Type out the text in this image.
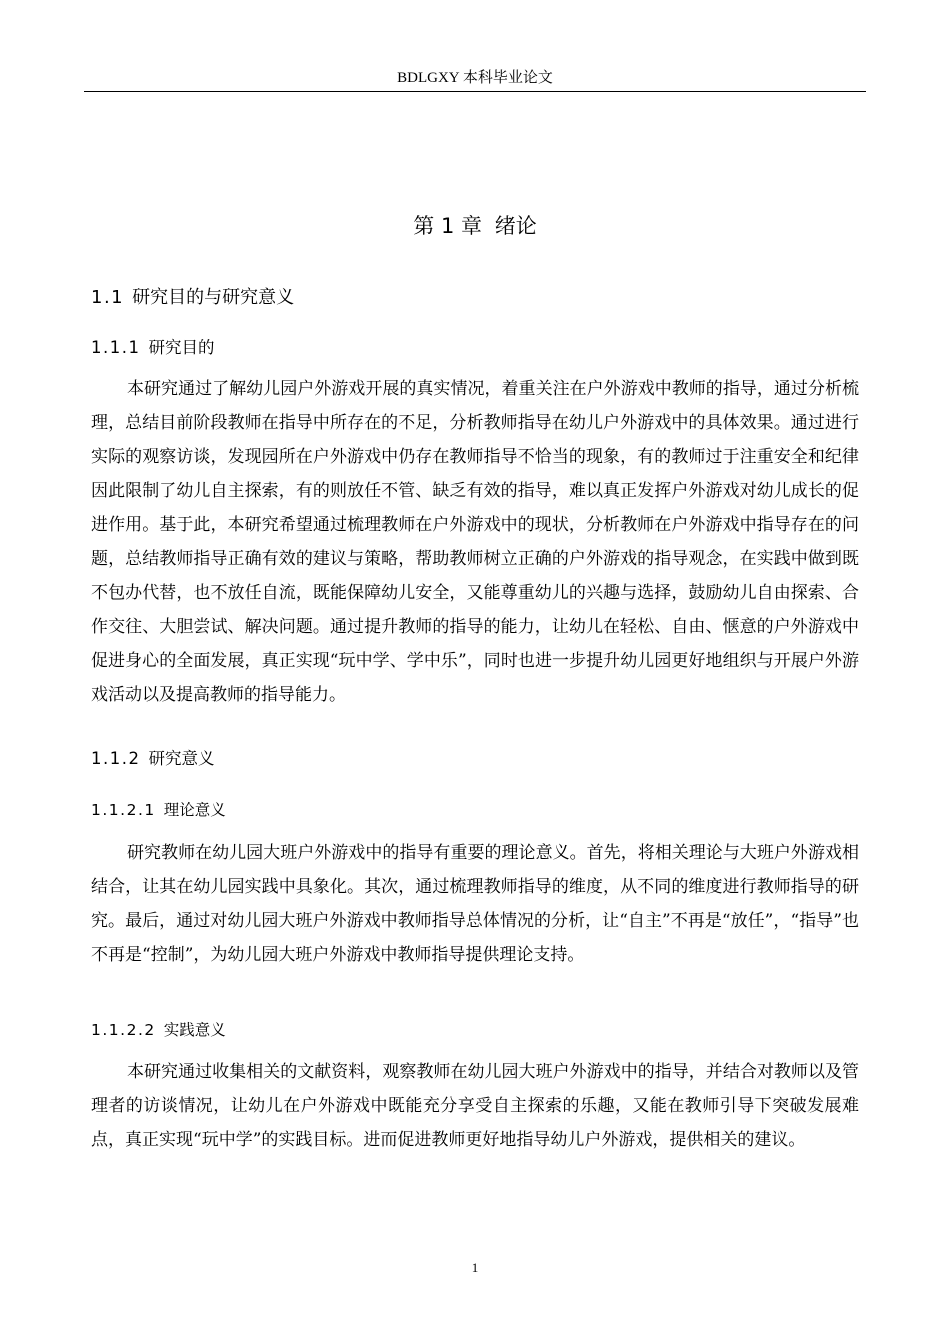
BDLGXY 本科毕业论文
第 1 章 绪论
1.1 研究目的与研究意义
1.1.1 研究目的

本研究通过了解幼儿园户外游戏开展的真实情况，着重关注在户外游戏中教师的指导，通过分析梳理，总结目前阶段教师在指导中所存在的不足，分析教师指导在幼儿户外游戏中的具体效果。通过进行实际的观察访谈，发现园所在户外游戏中仍存在教师指导不恰当的现象，有的教师过于注重安全和纪律因此限制了幼儿自主探索，有的则放任不管、缺乏有效的指导，难以真正发挥户外游戏对幼儿成长的促进作用。基于此，本研究希望通过梳理教师在户外游戏中的现状，分析教师在户外游戏中指导存在的问题，总结教师指导正确有效的建议与策略，帮助教师树立正确的户外游戏的指导观念，在实践中做到既不包办代替，也不放任自流，既能保障幼儿安全，又能尊重幼儿的兴趣与选择，鼓励幼儿自由探索、合作交往、大胆尝试、解决问题。通过提升教师的指导的能力，让幼儿在轻松、自由、惬意的户外游戏中促进身心的全面发展，真正实现“玩中学、学中乐”，同时也进一步提升幼儿园更好地组织与开展户外游戏活动以及提高教师的指导能力。

1.1.2 研究意义
1.1.2.1 理论意义

研究教师在幼儿园大班户外游戏中的指导有重要的理论意义。首先，将相关理论与大班户外游戏相结合，让其在幼儿园实践中具象化。其次，通过梳理教师指导的维度，从不同的维度进行教师指导的研究。最后，通过对幼儿园大班户外游戏中教师指导总体情况的分析，让“自主”不再是“放任”，“指导”也不再是“控制”，为幼儿园大班户外游戏中教师指导提供理论支持。

1.1.2.2 实践意义

本研究通过收集相关的文献资料，观察教师在幼儿园大班户外游戏中的指导，并结合对教师以及管理者的访谈情况，让幼儿在户外游戏中既能充分享受自主探索的乐趣，又能在教师引导下突破发展难点，真正实现“玩中学”的实践目标。进而促进教师更好地指导幼儿户外游戏，提供相关的建议。

1
